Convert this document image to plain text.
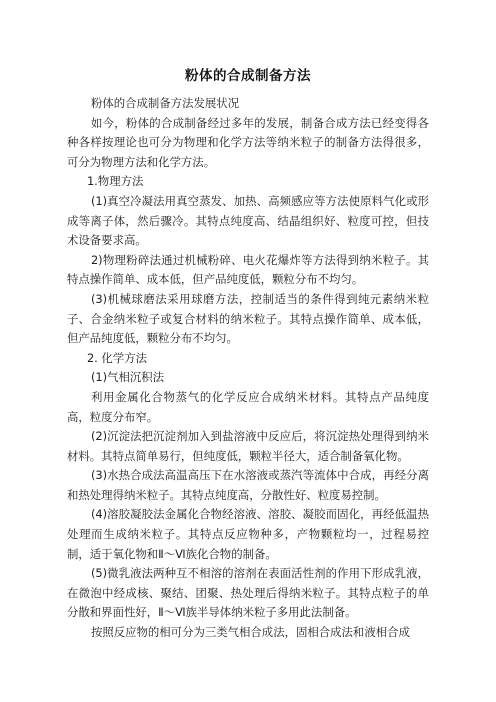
粉体的合成制备方法

粉体的合成制备方法发展状况

如今，粉体的合成制备经过多年的发展，制备合成方法已经变得各种各样按理论也可分为物理和化学方法等纳米粒子的制备方法得很多，可分为物理方法和化学方法。

1.物理方法

(1)真空冷凝法用真空蒸发、加热、高频感应等方法使原料气化或形成等离子体，然后骤冷。其特点纯度高、结晶组织好、粒度可控，但技术设备要求高。

2)物理粉碎法通过机械粉碎、电火花爆炸等方法得到纳米粒子。其特点操作简单、成本低，但产品纯度低，颗粒分布不均匀。

(3)机械球磨法采用球磨方法，控制适当的条件得到纯元素纳米粒子、合金纳米粒子或复合材料的纳米粒子。其特点操作简单、成本低，但产品纯度低，颗粒分布不均匀。

2. 化学方法

(1)气相沉积法

利用金属化合物蒸气的化学反应合成纳米材料。其特点产品纯度高，粒度分布窄。

(2)沉淀法把沉淀剂加入到盐溶液中反应后，将沉淀热处理得到纳米材料。其特点简单易行，但纯度低，颗粒半径大，适合制备氧化物。

(3)水热合成法高温高压下在水溶液或蒸汽等流体中合成，再经分离和热处理得纳米粒子。其特点纯度高，分散性好、粒度易控制。

(4)溶胶凝胶法金属化合物经溶液、溶胶、凝胶而固化，再经低温热处理而生成纳米粒子。其特点反应物种多，产物颗粒均一，过程易控制，适于氧化物和Ⅱ～Ⅵ族化合物的制备。

(5)微乳液法两种互不相溶的溶剂在表面活性剂的作用下形成乳液，在微泡中经成核、聚结、团聚、热处理后得纳米粒子。其特点粒子的单分散和界面性好，Ⅱ～Ⅵ族半导体纳米粒子多用此法制备。

按照反应物的相可分为三类气相合成法，固相合成法和液相合成
